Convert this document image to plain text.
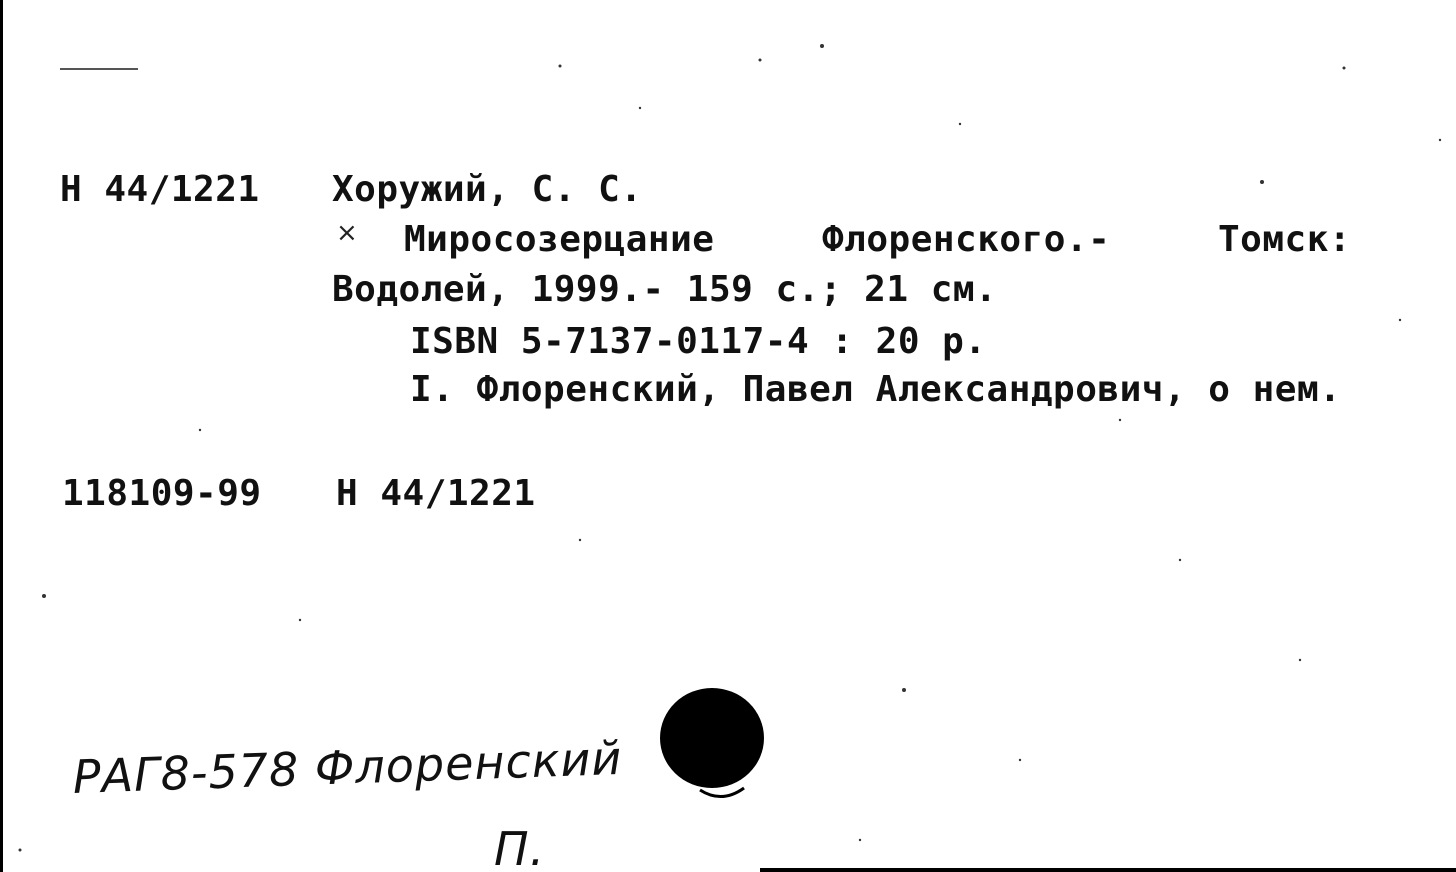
Н 44/1221 Хоружий, С. С.
× Миросозерцание	Флоренского.-	Томск:
Водолей, 1999.- 159 с.; 21 см.
ISBN 5-7137-0117-4 : 20 р.
I. Флоренский, Павел Александрович, о нем.
118109-99 Н 44/1221
РАГ8-578 Флоренский
П.
